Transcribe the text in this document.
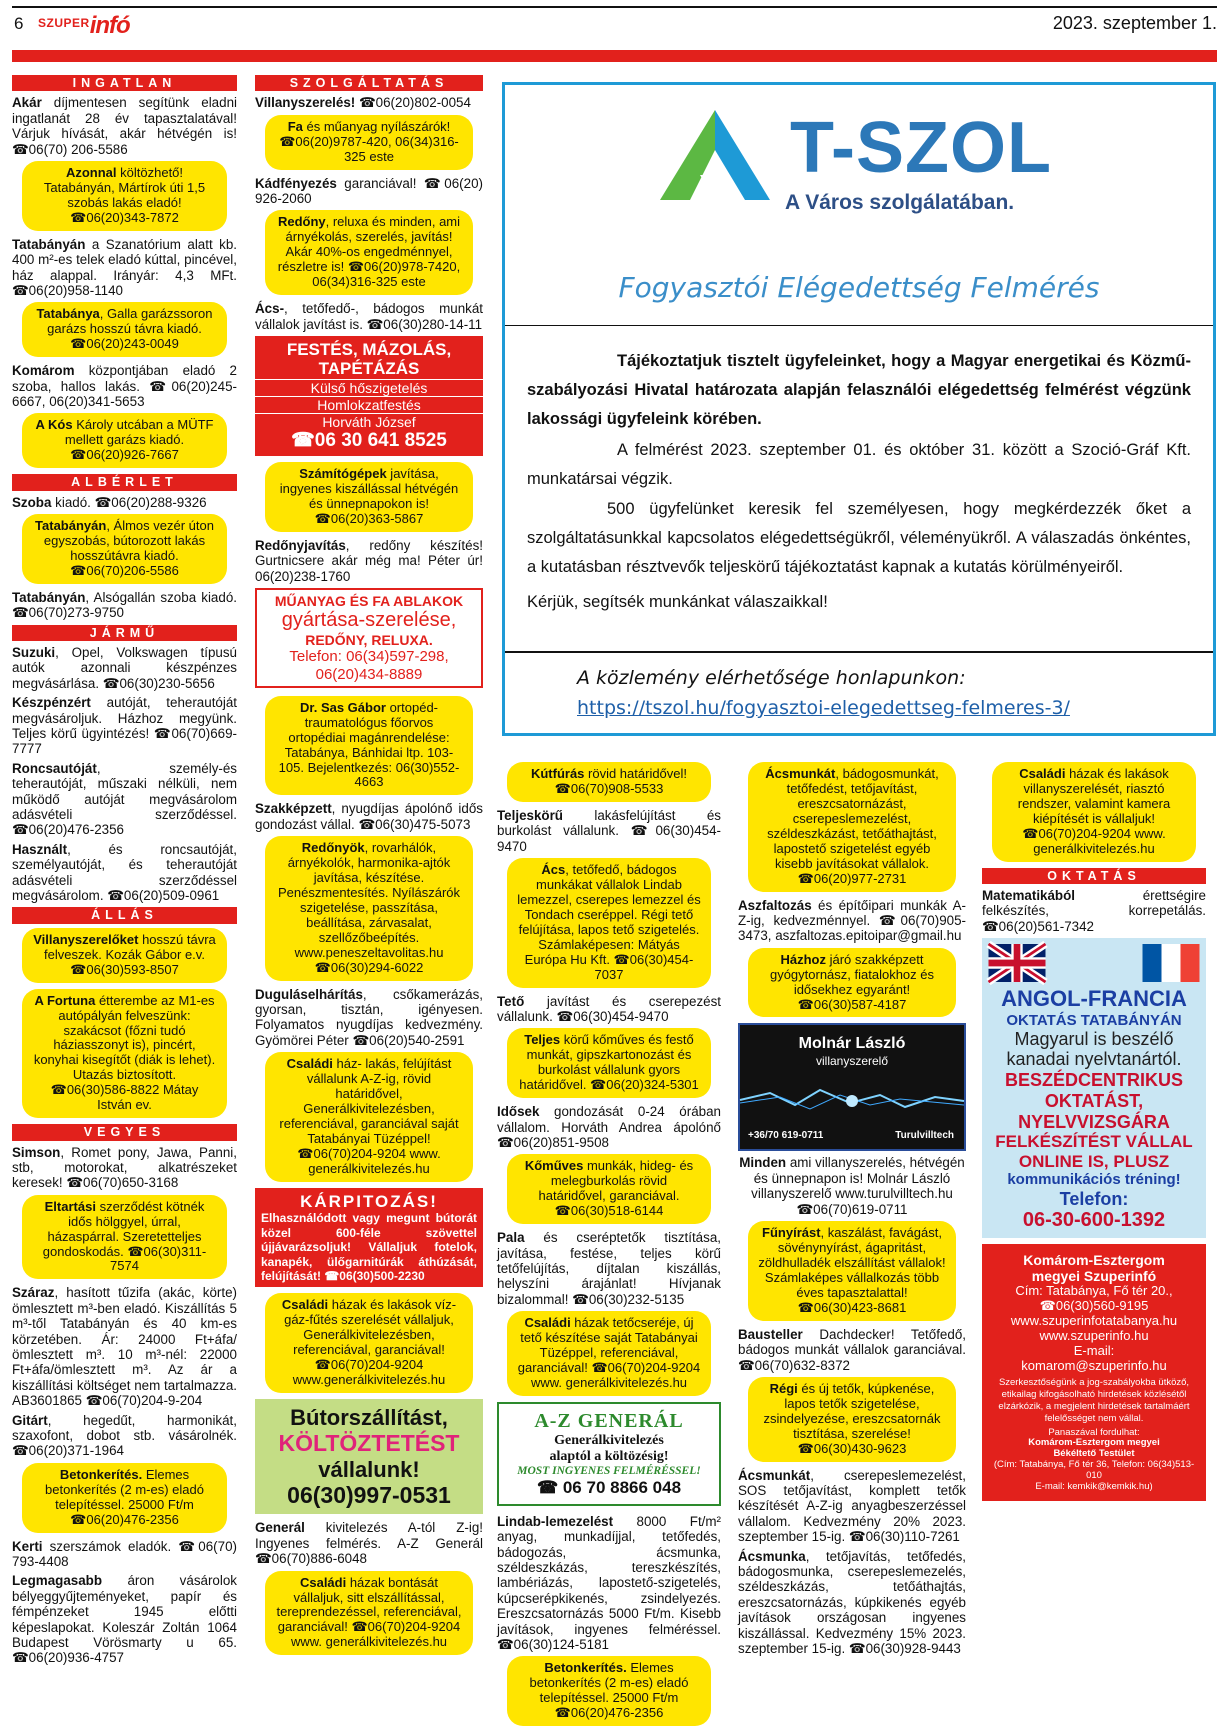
6 $^{SZUPER}$infó	2023. szeptember 1.
INGATLAN

Akár díjmentesen segítünk eladni ingatlanát 28 év tapasztalatával! Várjuk hívását, akár hétvégén is! ☎06(70) 206-5586

Azonnal költözhető! Tatabányán, Mártírok úti 1,5 szobás lakás eladó! ☎06(20)343-7872

Tatabányán a Szanatórium alatt kb. 400 m²-es telek eladó kúttal, pincével, ház alappal. Irányár: 4,3 MFt. ☎06(20)958-1140

Tatabánya, Galla garázssoron garázs hosszú távra kiadó. ☎06(20)243-0049

Komárom központjában eladó 2 szoba, hallos lakás. ☎06(20)245-6667, 06(20)341-5653

A Kós Károly utcában a MÜTF mellett garázs kiadó. ☎06(20)926-7667
ALBÉRLET

Szoba kiadó. ☎06(20)288-9326

Tatabányán, Álmos vezér úton egyszobás, bútorozott lakás hosszútávra kiadó. ☎06(70)206-5586

Tatabányán, Alsógallán szoba kiadó. ☎06(70)273-9750

JÁRMŰ

Suzuki, Opel, Volkswagen típusú autók azonnali készpénzes megvásárlása. ☎06(30)230-5656

Készpénzért autóját, teherautóját megvásároljuk. Házhoz megyünk. Teljes körű ügyintézés! ☎06(70)669-7777

Roncsautóját, személy-és teherautóját, műszaki nélküli, nem működő autóját megvásárolom adásvételi szerződéssel. ☎06(20)476-2356

Használt, és roncsautóját, személyautóját, és teherautóját adásvételi szerződéssel megvásárolom. ☎06(20)509-0961

ÁLLÁS
Villanyszerelőket hosszú távra felveszek. Kozák Gábor e.v. ☎06(30)593-8507
A Fortuna étterembe az M1-es autópályán felveszünk: szakácsot (főzni tudó háziasszonyt is), pincért, konyhai kisegítőt (diák is lehet). Utazás biztosított. ☎06(30)586-8822 Mátay István ev.
VEGYES

Simson, Romet pony, Jawa, Panni, stb, motorokat, alkatrészeket keresek! ☎06(70)650-3168

Eltartási szerződést kötnék idős hölggyel, úrral, házaspárral. Szeretetteljes gondoskodás. ☎06(30)311-7574

Száraz, hasított tűzifa (akác, körte) ömlesztett m³-ben eladó. Kiszállítás 5 m³-től Tatabányán és 40 km-es körzetében. Ár: 24000 Ft+áfa/ömlesztett m³. 10 m³-nél: 22000 Ft+áfa/ömlesztett m³. Az ár a kiszállítási költséget nem tartalmazza. AB3601865 ☎06(70)204-9-204

Gitárt, hegedűt, harmonikát, szaxofont, dobot stb. vásárolnék. ☎06(20)371-1964

Betonkerítés. Elemes betonkerítés (2 m-es) eladó telepítéssel. 25000 Ft/m ☎06(20)476-2356

Kerti szerszámok eladók. ☎06(70) 793-4408

Legmagasabb áron vásárolok bélyeggyűjteményeket, papír és fémpénzeket 1945 előtti képeslapokat. Koleszár Zoltán 1064 Budapest Vörösmarty u 65. ☎06(20)936-4757

SZOLGÁLTATÁS

Villanyszerelés! ☎06(20)802-0054

Fa és műanyag nyílászárók! ☎06(20)9787-420, 06(34)316-325 este

Kádfényezés garanciával! ☎06(20) 926-2060

Redőny, reluxa és minden, ami árnyékolás, szerelés, javítás! Akár 40%-os engedménnyel, részletre is! ☎06(20)978-7420, 06(34)316-325 este

Ács-, tetőfedő-, bádogos munkát vállalok javítást is. ☎06(30)280-14-11

FESTÉS, MÁZOLÁS,
TAPÉTÁZÁS
Külső hőszigetelés
Homlokzatfestés
Horváth József
☎06 30 641 8525
Számítógépek javítása, ingyenes kiszállással hétvégén és ünnepnapokon is! ☎06(20)363-5867

Redőnyjavítás, redőny készítés! Gurtnicsere akár még ma! Péter úr! 06(20)238-1760

MŰANYAG ÉS FA ABLAKOK
gyártása-szerelése,
REDŐNY, RELUXA.
Telefon: 06(34)597-298,
06(20)434-8889
Dr. Sas Gábor ortopéd-traumatológus főorvos ortopédiai magánrendelése: Tatabánya, Bánhidai ltp. 103-105. Bejelentkezés: 06(30)552-4663

Szakképzett, nyugdíjas ápolónő idős gondozást vállal. ☎06(30)475-5073

Redőnyök, rovarhálók, árnyékolók, harmonika-ajtók javítása, készítése. Penészmentesítés. Nyílászárók szigetelése, passzítása, beállítása, zárvasalat, szellőzőbeépítés. www.peneszeltavolitas.hu ☎06(30)294-6022

Duguláselhárítás, csőkamerázás, gyorsan, tisztán, igényesen. Folyamatos nyugdíjas kedvezmény. Gyömörei Péter ☎06(20)540-2591

Családi ház- lakás, felújítást vállalunk A-Z-ig, rövid határidővel, Generálkivitelezésben, referenciával, garanciával saját Tatabányai Tüzéppel! ☎06(70)204-9204 www. generálkivitelezés.hu
KÁRPITOZÁS!
Elhasználódott vagy megunt bútorát közel 600-féle szövettel újjávarázsoljuk! Vállaljuk fotelok, kanapék, ülőgarnitúrák áthúzását, felújítását! ☎06(30)500-2230
Családi házak és lakások víz-gáz-fűtés szerelését vállaljuk, Generálkivitelezésben, referenciával, garanciával! ☎06(70)204-9204 www.generálkivitelezés.hu
Bútorszállítást,
KÖLTÖZTETÉST
vállalunk!
06(30)997-0531

Generál kivitelezés A-tól Z-ig! Ingyenes felmérés. A-Z Generál ☎06(70)886-6048

Családi házak bontását vállaljuk, sitt elszállítással, tereprendezéssel, referenciával, garanciával! ☎06(70)204-9204 www. generálkivitelezés.hu
T-SZOL
A Város szolgálatában.
Fogyasztói Elégedettség Felmérés

Tájékoztatjuk tisztelt ügyfeleinket, hogy a Magyar energetikai és Közmű-szabályozási Hivatal határozata alapján felasználói elégedettség felmérést végzünk lakossági ügyfeleink körében.

A felmérést 2023. szeptember 01. és október 31. között a Szoció-Gráf Kft. munkatársai végzik.

500 ügyfelünket keresik fel személyesen, hogy megkérdezzék őket a szolgáltatásunkkal kapcsolatos elégedettségükről, véleményükről. A válaszadás önkéntes, a kutatásban résztvevők teljeskörű tájékoztatást kapnak a kutatás körülményeiről.

Kérjük, segítsék munkánkat válaszaikkal!

A közlemény elérhetősége honlapunkon:
https://tszol.hu/fogyasztoi-elegedettseg-felmeres-3/
Kútfúrás rövid határidővel! ☎06(70)908-5533

Teljeskörű lakásfelújítást és burkolást vállalunk. ☎06(30)454-9470

Ács, tetőfedő, bádogos munkákat vállalok Lindab lemezzel, cserepes lemezzel és Tondach cseréppel. Régi tető felújítása, lapos tető szigetelés. Számlaképesen: Mátyás Európa Hu Kft. ☎06(30)454-7037

Tető javítást és cserepezést vállalunk. ☎06(30)454-9470

Teljes körű kőműves és festő munkát, gipszkartonozást és burkolást vállalunk gyors határidővel. ☎06(20)324-5301

Idősek gondozását 0-24 órában vállalom. Horváth Andrea ápolónő ☎06(20)851-9508

Kőműves munkák, hideg- és melegburkolás rövid határidővel, garanciával. ☎06(30)518-6144

Pala és cseréptetők tisztítása, javítása, festése, teljes körű tetőfelújítás, díjtalan kiszállás, helyszíni árajánlat! Hívjanak bizalommal! ☎06(30)232-5135

Családi házak tetőcseréje, új tető készítése saját Tatabányai Tüzéppel, referenciával, garanciával! ☎06(70)204-9204 www. generálkivitelezés.hu
A-Z GENERÁL
Generálkivitelezés
alaptól a költözésig!
MOST INGYENES FELMÉRÉSSEL!
☎ 06 70 8866 048

Lindab-lemezelést 8000 Ft/m² anyag, munkadíjjal, tetőfedés, bádogozás, ácsmunka, széldeszkázás, tereszkészítés, lambériázás, lapostető-szigetelés, kúpcserépkikenés, zsindelyezés. Ereszcsatornázás 5000 Ft/m. Kisebb javítások, ingyenes felméréssel. ☎06(30)124-5181

Betonkerítés. Elemes betonkerítés (2 m-es) eladó telepítéssel. 25000 Ft/m ☎06(20)476-2356
Ácsmunkát, bádogosmunkát, tetőfedést, tetőjavítást, ereszcsatornázást, cserepeslemezelést, széldeszkázást, tetőáthajtást, lapostető szigetelést egyéb kisebb javításokat vállalok. ☎06(20)977-2731

Aszfaltozás és építőipari munkák A-Z-ig, kedvezménnyel. ☎06(70)905-3473, aszfaltozas.epitoipar@gmail.hu

Házhoz járó szakképzett gyógytornász, fiatalokhoz és idősekhez egyaránt! ☎06(30)587-4187
Molnár László
villanyszerelő
+36/70 619-0711	Turulvilltech

Minden ami villanyszerelés, hétvégén és ünnepnapon is! Molnár László villanyszerelő www.turulvilltech.hu ☎06(70)619-0711

Fűnyírást, kaszálást, favágást, sövénynyírást, ágapritást, zöldhulladék elszállítást vállalok! Számlaképes vállalkozás több éves tapasztalattal! ☎06(30)423-8681

Bausteller Dachdecker! Tetőfedő, bádogos munkát vállalok garanciával. ☎06(70)632-8372

Régi és új tetők, kúpkenése, lapos tetők szigetelése, zsindelyezése, ereszcsatornák tisztítása, szerelése! ☎06(30)430-9623

Ácsmunkát, cserepeslemezelést, SOS tetőjavítást, komplett tetők készítését A-Z-ig anyagbeszerzéssel vállalom. Kedvezmény 20% 2023. szeptember 15-ig. ☎06(30)110-7261

Ácsmunka, tetőjavítás, tetőfedés, bádogosmunka, cserepeslemezelés, széldeszkázás, tetőáthajtás, ereszcsatornázás, kúpkikenés egyéb javítások országosan ingyenes kiszállással. Kedvezmény 15% 2023. szeptember 15-ig. ☎06(30)928-9443

Családi házak és lakások villanyszerelését, riasztó rendszer, valamint kamera kiépítését is vállaljuk! ☎06(70)204-9204 www. generálkivitelezés.hu
OKTATÁS

Matematikából érettségire felkészítés, korrepetálás. ☎06(20)561-7342

ANGOL-FRANCIA
OKTATÁS TATABÁNYÁN
Magyarul is beszélő
kanadai nyelvtanártól.
BESZÉDCENTRIKUS
OKTATÁST,
NYELVVIZSGÁRA
FELKÉSZÍTÉST VÁLLAL
ONLINE IS, PLUSZ
kommunikációs tréning!
Telefon:
06-30-600-1392
Komárom-Esztergom
megyei Szuperinfó
Cím: Tatabánya, Fő tér 20.,
☎06(30)560-9195
www.szuperinfotatabanya.hu
www.szuperinfo.hu
E-mail:
komarom@szuperinfo.hu
Szerkesztőségünk a jog-szabályokba ütköző, etikailag kifogásolható hirdetések közlésétől elzárkózik, a megjelent hirdetések tartalmáért felelősséget nem vállal.
Panaszával fordulhat:
Komárom-Esztergom megyei
Békéltető Testület
(Cím: Tatabánya, Fő tér 36, Telefon: 06(34)513-010
E-mail: kemkik@kemkik.hu)
